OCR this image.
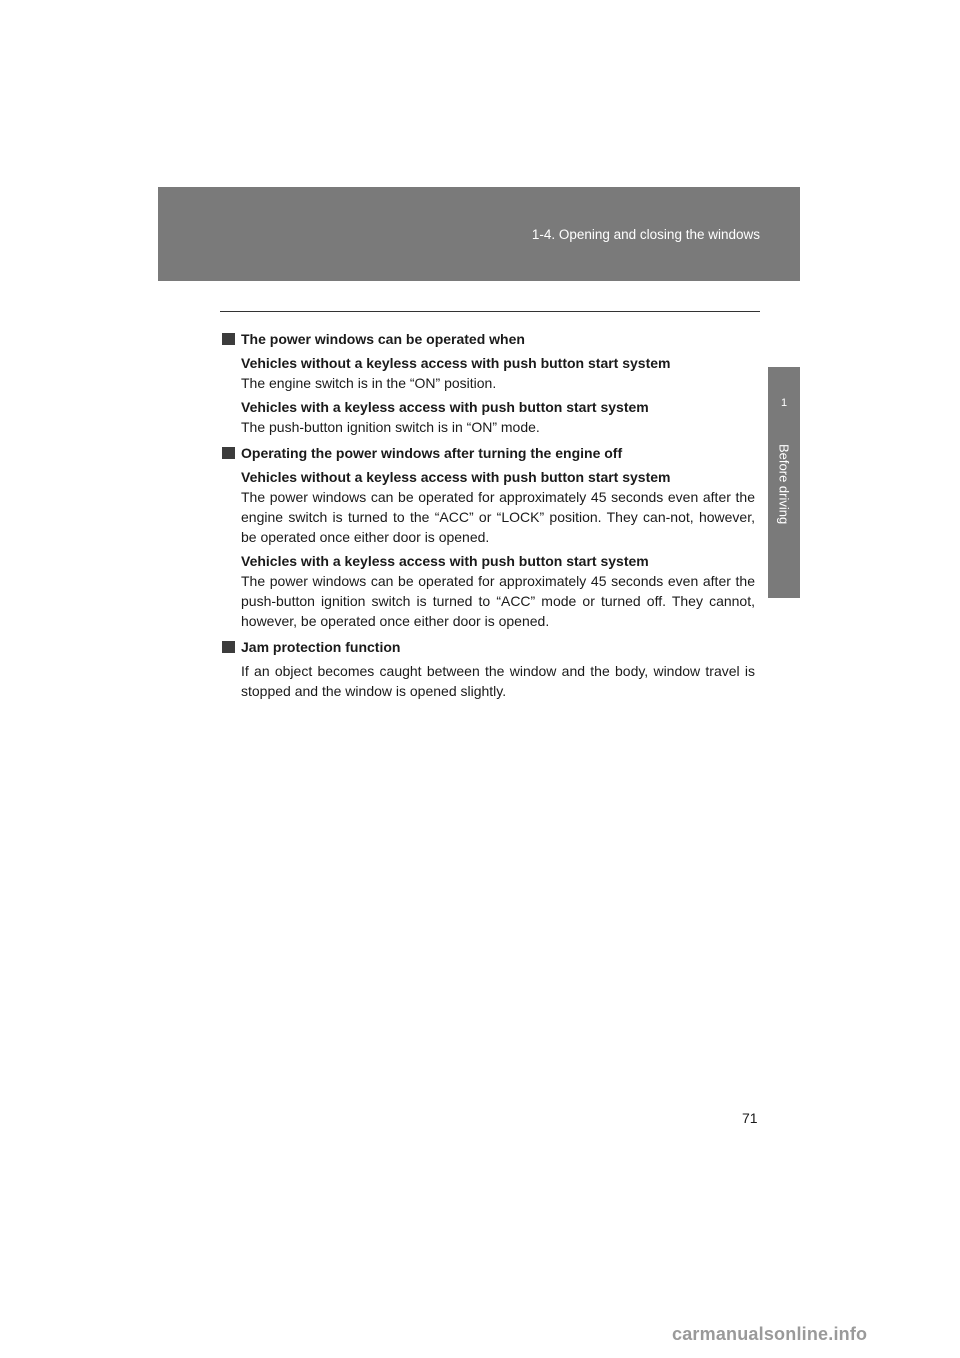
1-4. Opening and closing the windows
1
Before driving

The power windows can be operated when

Vehicles without a keyless access with push button start system

The engine switch is in the “ON” position.

Vehicles with a keyless access with push button start system

The push-button ignition switch is in “ON” mode.

Operating the power windows after turning the engine off

Vehicles without a keyless access with push button start system

The power windows can be operated for approximately 45 seconds even after the engine switch is turned to the “ACC” or “LOCK” position. They can-not, however, be operated once either door is opened.

Vehicles with a keyless access with push button start system

The power windows can be operated for approximately 45 seconds even after the push-button ignition switch is turned to “ACC” mode or turned off. They cannot, however, be operated once either door is opened.

Jam protection function

If an object becomes caught between the window and the body, window travel is stopped and the window is opened slightly.

71
carmanualsonline.info
